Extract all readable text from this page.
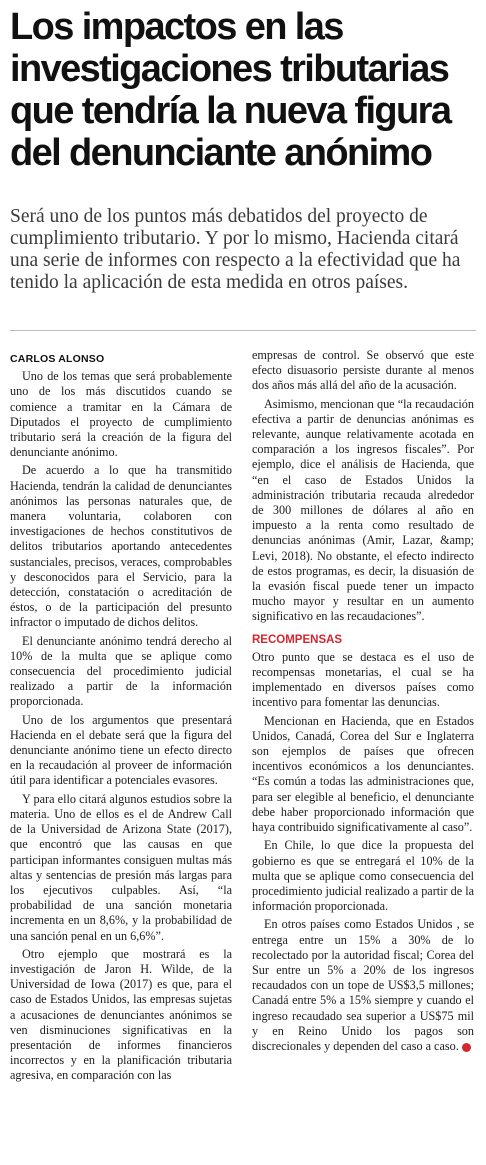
Los impactos en las investigaciones tributarias que tendría la nueva figura del denunciante anónimo

Será uno de los puntos más debatidos del proyecto de cumplimiento tributario. Y por lo mismo, Hacienda citará una serie de informes con respecto a la efectividad que ha tenido la aplicación de esta medida en otros países.

CARLOS ALONSO

Uno de los temas que será probablemente uno de los más discutidos cuando se comience a tramitar en la Cámara de Diputados el proyecto de cumplimiento tributario será la creación de la figura del denunciante anónimo.

De acuerdo a lo que ha transmitido Hacienda, tendrán la calidad de denunciantes anónimos las personas naturales que, de manera voluntaria, colaboren con investigaciones de hechos constitutivos de delitos tributarios aportando antecedentes sustanciales, precisos, veraces, comprobables y desconocidos para el Servicio, para la detección, constatación o acreditación de éstos, o de la participación del presunto infractor o imputado de dichos delitos.

El denunciante anónimo tendrá derecho al 10% de la multa que se aplique como consecuencia del procedimiento judicial realizado a partir de la información proporcionada.

Uno de los argumentos que presentará Hacienda en el debate será que la figura del denunciante anónimo tiene un efecto directo en la recaudación al proveer de información útil para identificar a potenciales evasores.

Y para ello citará algunos estudios sobre la materia. Uno de ellos es el de Andrew Call de la Universidad de Arizona State (2017), que encontró que las causas en que participan informantes consiguen multas más altas y sentencias de presión más largas para los ejecutivos culpables. Así, “la probabilidad de una sanción monetaria incrementa en un 8,6%, y la probabilidad de una sanción penal en un 6,6%”.

Otro ejemplo que mostrará es la investigación de Jaron H. Wilde, de la Universidad de Iowa (2017) es que, para el caso de Estados Unidos, las empresas sujetas a acusaciones de denunciantes anónimos se ven disminuciones significativas en la presentación de informes financieros incorrectos y en la planificación tributaria agresiva, en comparación con las

empresas de control. Se observó que este efecto disuasorio persiste durante al menos dos años más allá del año de la acusación.

Asimismo, mencionan que “la recaudación efectiva a partir de denuncias anónimas es relevante, aunque relativamente acotada en comparación a los ingresos fiscales”. Por ejemplo, dice el análisis de Hacienda, que “en el caso de Estados Unidos la administración tributaria recauda alrededor de 300 millones de dólares al año en impuesto a la renta como resultado de denuncias anónimas (Amir, Lazar, &amp; Levi, 2018). No obstante, el efecto indirecto de estos programas, es decir, la disuasión de la evasión fiscal puede tener un impacto mucho mayor y resultar en un aumento significativo en las recaudaciones”.

RECOMPENSAS

Otro punto que se destaca es el uso de recompensas monetarias, el cual se ha implementado en diversos países como incentivo para fomentar las denuncias.

Mencionan en Hacienda, que en Estados Unidos, Canadá, Corea del Sur e Inglaterra son ejemplos de países que ofrecen incentivos económicos a los denunciantes. “Es común a todas las administraciones que, para ser elegible al beneficio, el denunciante debe haber proporcionado información que haya contribuido significativamente al caso”.

En Chile, lo que dice la propuesta del gobierno es que se entregará el 10% de la multa que se aplique como consecuencia del procedimiento judicial realizado a partir de la información proporcionada.

En otros países como Estados Unidos , se entrega entre un 15% a 30% de lo recolectado por la autoridad fiscal; Corea del Sur entre un 5% a 20% de los ingresos recaudados con un tope de US$3,5 millones; Canadá entre 5% a 15% siempre y cuando el ingreso recaudado sea superior a US$75 mil y en Reino Unido los pagos son discrecionales y dependen del caso a caso.
